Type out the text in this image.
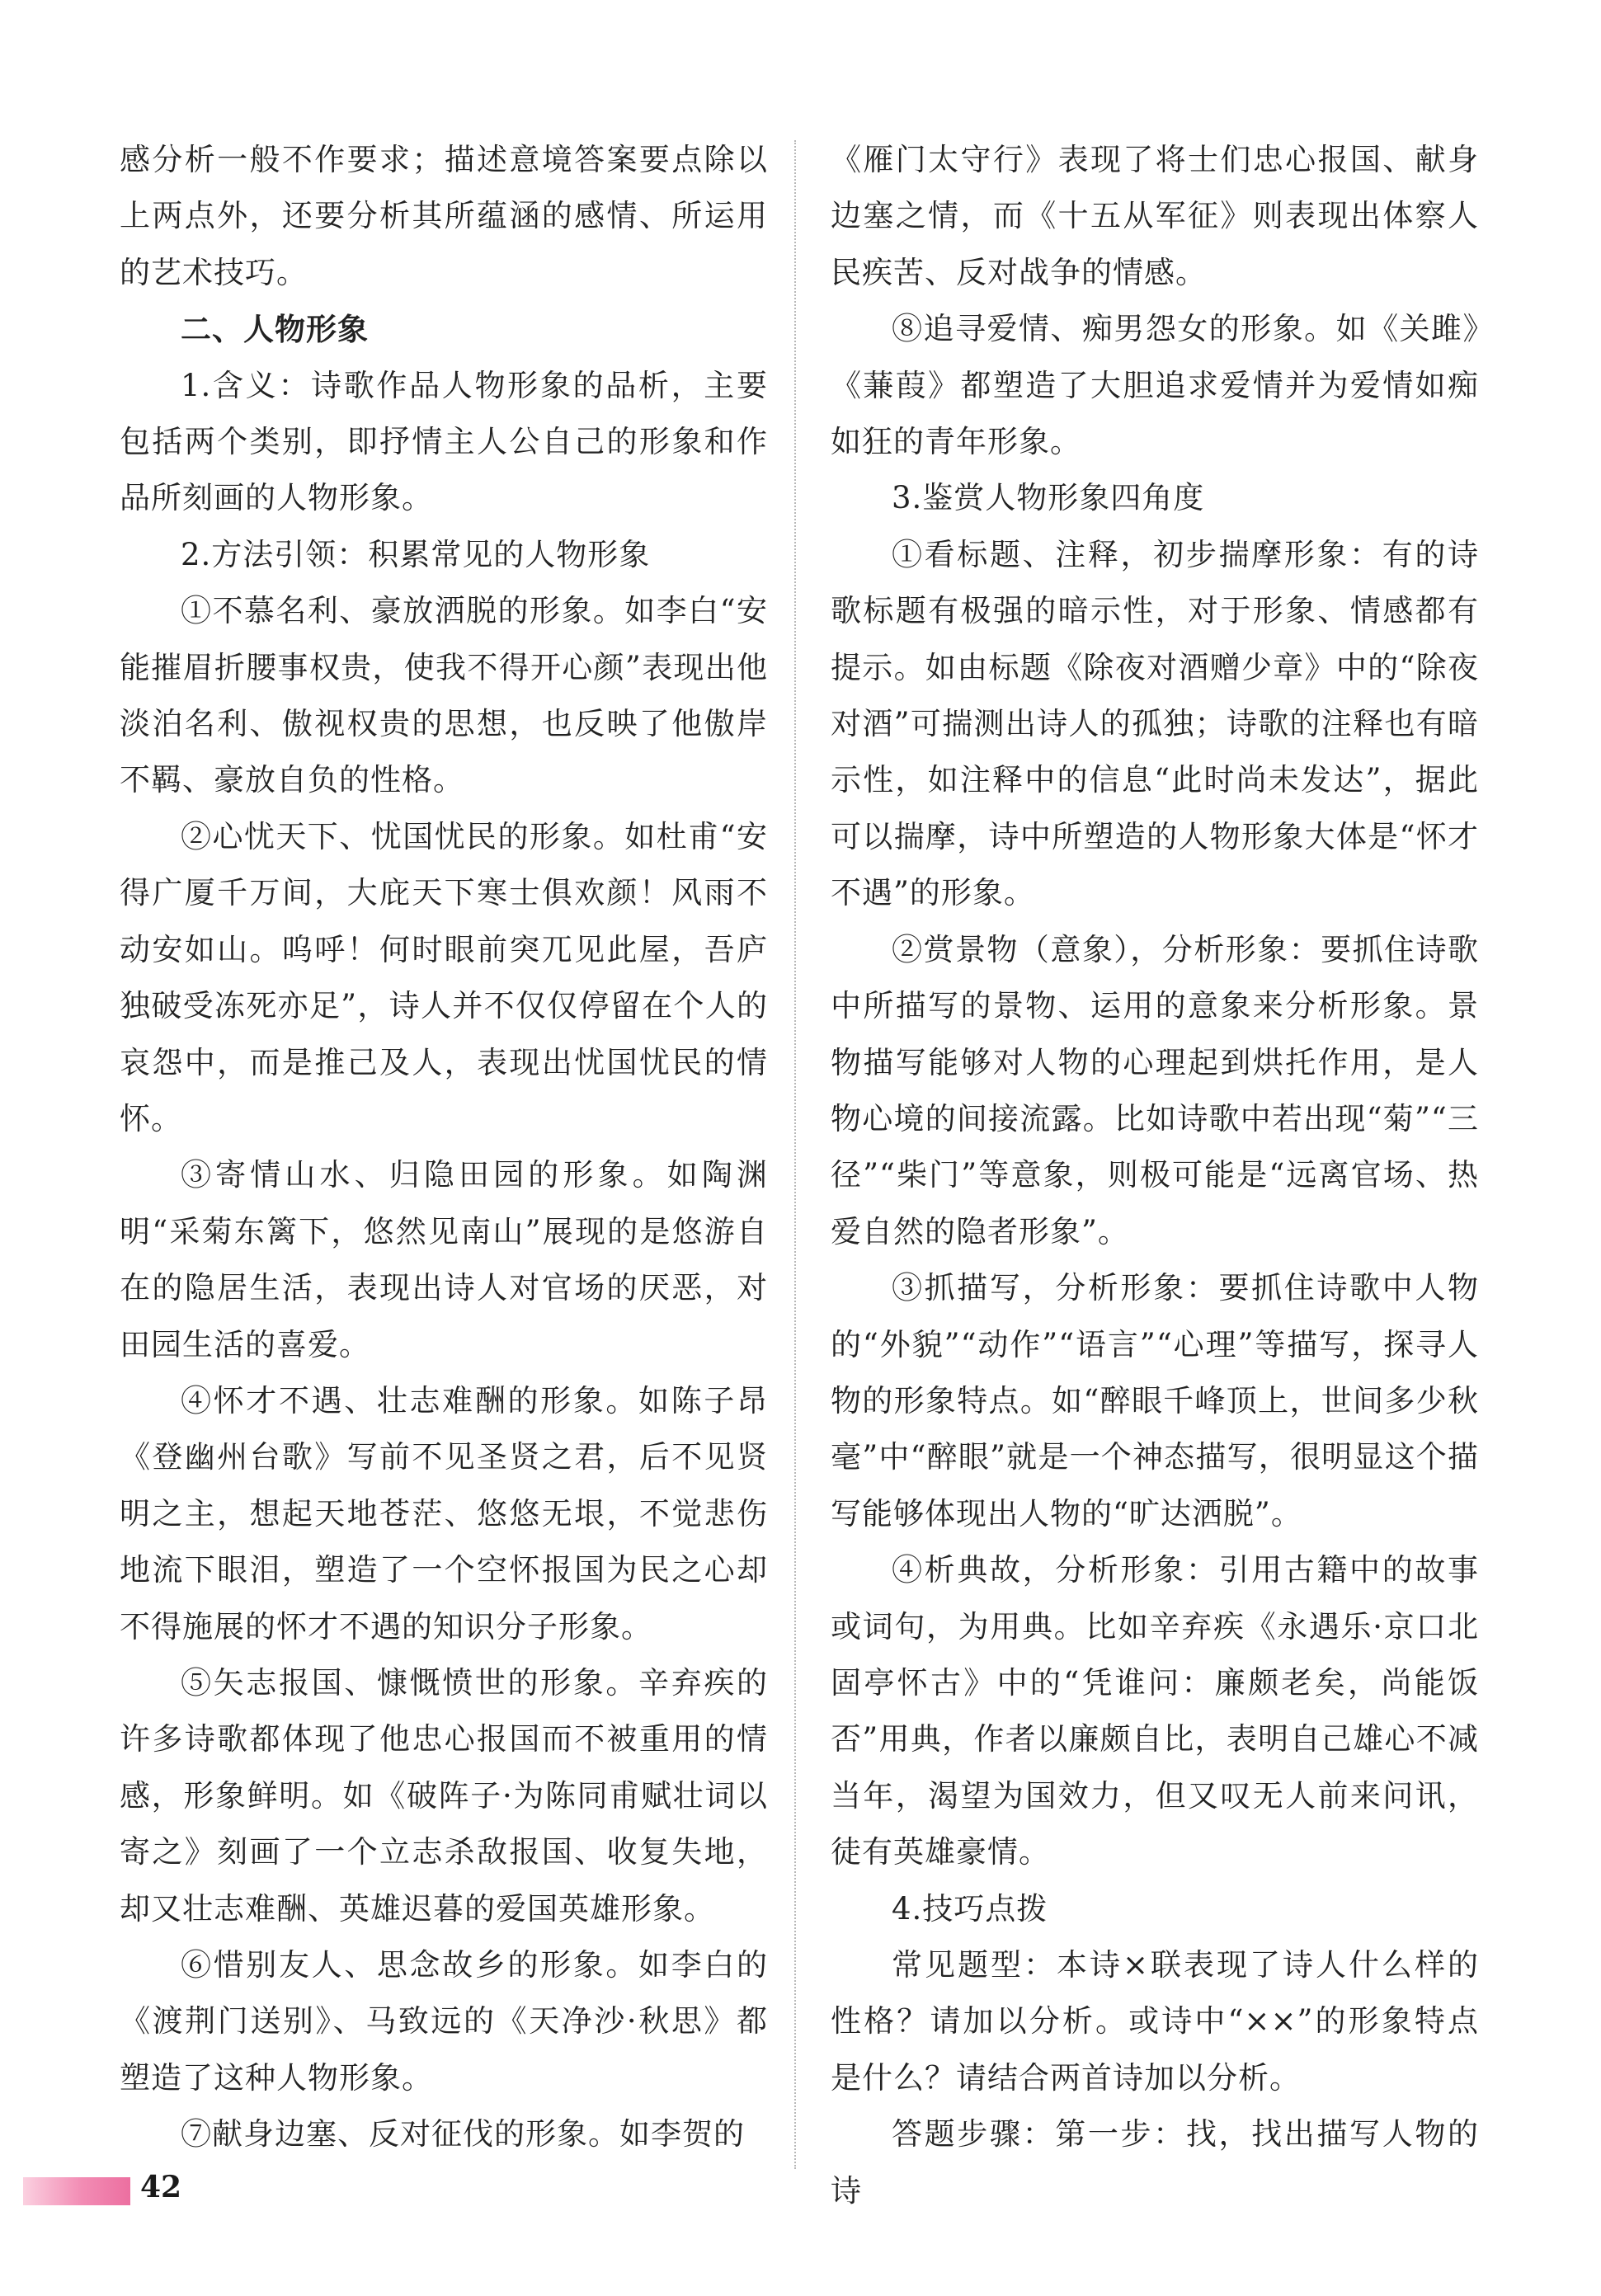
感分析一般不作要求；描述意境答案要点除以上两点外，还要分析其所蕴涵的感情、所运用的艺术技巧。

二、人物形象

1.含义：诗歌作品人物形象的品析，主要包括两个类别，即抒情主人公自己的形象和作品所刻画的人物形象。

2.方法引领：积累常见的人物形象

①不慕名利、豪放洒脱的形象。如李白“安能摧眉折腰事权贵，使我不得开心颜”表现出他淡泊名利、傲视权贵的思想，也反映了他傲岸不羁、豪放自负的性格。

②心忧天下、忧国忧民的形象。如杜甫“安得广厦千万间，大庇天下寒士俱欢颜！风雨不动安如山。呜呼！何时眼前突兀见此屋，吾庐独破受冻死亦足”，诗人并不仅仅停留在个人的哀怨中，而是推己及人，表现出忧国忧民的情怀。

③寄情山水、归隐田园的形象。如陶渊明“采菊东篱下，悠然见南山”展现的是悠游自在的隐居生活，表现出诗人对官场的厌恶，对田园生活的喜爱。

④怀才不遇、壮志难酬的形象。如陈子昂《登幽州台歌》写前不见圣贤之君，后不见贤明之主，想起天地苍茫、悠悠无垠，不觉悲伤地流下眼泪，塑造了一个空怀报国为民之心却不得施展的怀才不遇的知识分子形象。

⑤矢志报国、慷慨愤世的形象。辛弃疾的许多诗歌都体现了他忠心报国而不被重用的情感，形象鲜明。如《破阵子·为陈同甫赋壮词以寄之》刻画了一个立志杀敌报国、收复失地，却又壮志难酬、英雄迟暮的爱国英雄形象。

⑥惜别友人、思念故乡的形象。如李白的《渡荆门送别》、马致远的《天净沙·秋思》都塑造了这种人物形象。

⑦献身边塞、反对征伐的形象。如李贺的

《雁门太守行》表现了将士们忠心报国、献身边塞之情，而《十五从军征》则表现出体察人民疾苦、反对战争的情感。

⑧追寻爱情、痴男怨女的形象。如《关雎》《蒹葭》都塑造了大胆追求爱情并为爱情如痴如狂的青年形象。

3.鉴赏人物形象四角度

①看标题、注释，初步揣摩形象：有的诗歌标题有极强的暗示性，对于形象、情感都有提示。如由标题《除夜对酒赠少章》中的“除夜对酒”可揣测出诗人的孤独；诗歌的注释也有暗示性，如注释中的信息“此时尚未发达”，据此可以揣摩，诗中所塑造的人物形象大体是“怀才不遇”的形象。

②赏景物（意象），分析形象：要抓住诗歌中所描写的景物、运用的意象来分析形象。景物描写能够对人物的心理起到烘托作用，是人物心境的间接流露。比如诗歌中若出现“菊”“三径”“柴门”等意象，则极可能是“远离官场、热爱自然的隐者形象”。

③抓描写，分析形象：要抓住诗歌中人物的“外貌”“动作”“语言”“心理”等描写，探寻人物的形象特点。如“醉眼千峰顶上，世间多少秋毫”中“醉眼”就是一个神态描写，很明显这个描写能够体现出人物的“旷达洒脱”。

④析典故，分析形象：引用古籍中的故事或词句，为用典。比如辛弃疾《永遇乐·京口北固亭怀古》中的“凭谁问：廉颇老矣，尚能饭否”用典，作者以廉颇自比，表明自己雄心不减当年，渴望为国效力，但又叹无人前来问讯，徒有英雄豪情。

4.技巧点拨

常见题型：本诗×联表现了诗人什么样的性格？请加以分析。或诗中“××”的形象特点是什么？请结合两首诗加以分析。

答题步骤：第一步：找，找出描写人物的诗

42
